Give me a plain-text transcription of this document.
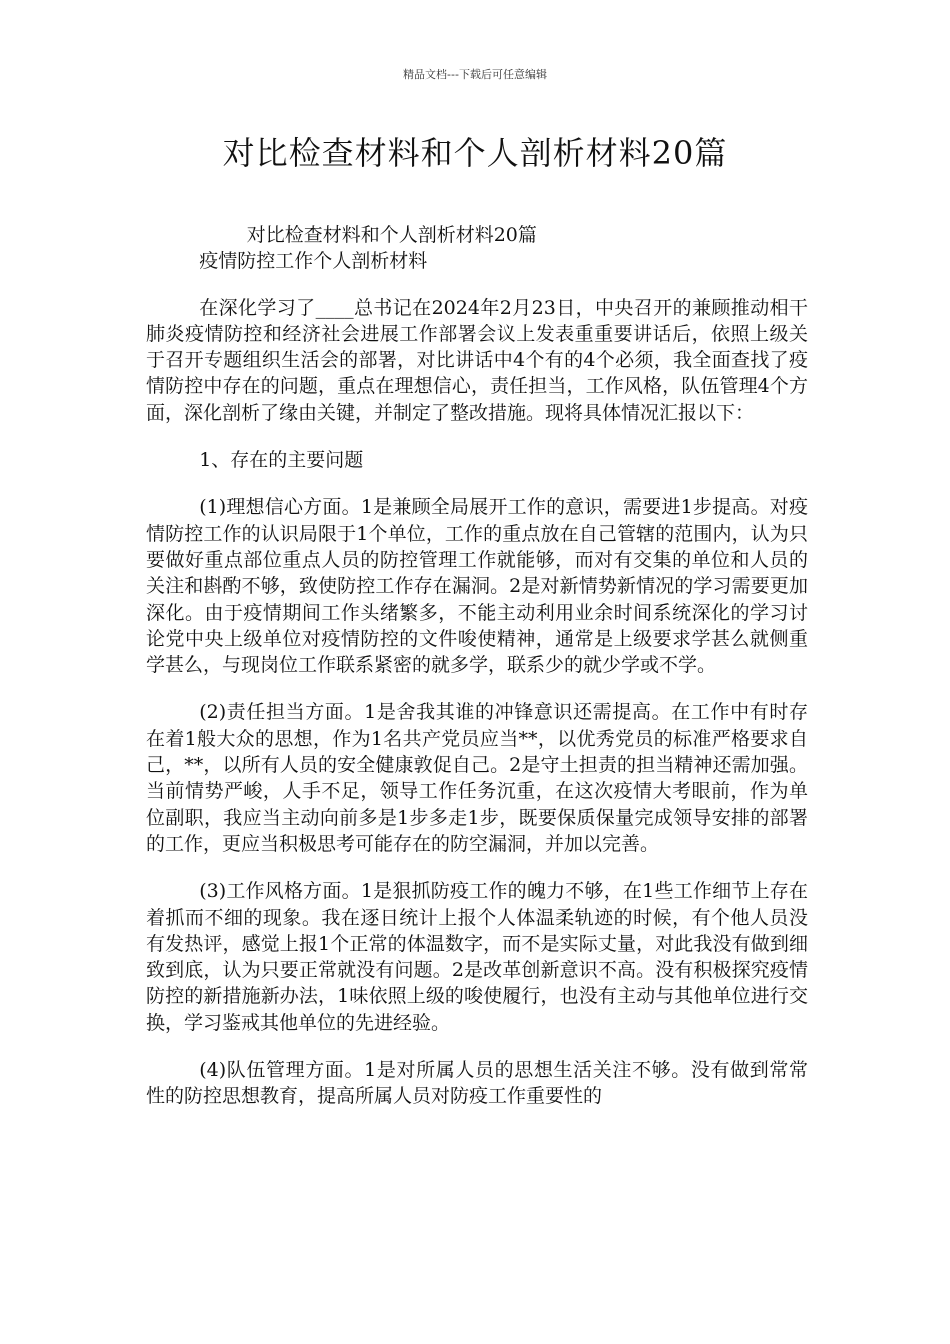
精品文档---下载后可任意编辑
对比检查材料和个人剖析材料20篇

对比检查材料和个人剖析材料20篇

疫情防控工作个人剖析材料

在深化学习了____总书记在2024年2月23日，中央召开的兼顾推动相干肺炎疫情防控和经济社会进展工作部署会议上发表重重要讲话后，依照上级关于召开专题组织生活会的部署，对比讲话中4个有的4个必须，我全面查找了疫情防控中存在的问题，重点在理想信心，责任担当，工作风格，队伍管理4个方面，深化剖析了缘由关键，并制定了整改措施。现将具体情况汇报以下：

1、存在的主要问题

(1)理想信心方面。1是兼顾全局展开工作的意识，需要进1步提高。对疫情防控工作的认识局限于1个单位，工作的重点放在自己管辖的范围内，认为只要做好重点部位重点人员的防控管理工作就能够，而对有交集的单位和人员的关注和斟酌不够，致使防控工作存在漏洞。2是对新情势新情况的学习需要更加深化。由于疫情期间工作头绪繁多，不能主动利用业余时间系统深化的学习讨论党中央上级单位对疫情防控的文件唆使精神，通常是上级要求学甚么就侧重学甚么，与现岗位工作联系紧密的就多学，联系少的就少学或不学。

(2)责任担当方面。1是舍我其谁的冲锋意识还需提高。在工作中有时存在着1般大众的思想，作为1名共产党员应当**，以优秀党员的标准严格要求自己，**，以所有人员的安全健康敦促自己。2是守土担责的担当精神还需加强。当前情势严峻，人手不足，领导工作任务沉重，在这次疫情大考眼前，作为单位副职，我应当主动向前多是1步多走1步，既要保质保量完成领导安排的部署的工作，更应当积极思考可能存在的防空漏洞，并加以完善。

(3)工作风格方面。1是狠抓防疫工作的魄力不够，在1些工作细节上存在着抓而不细的现象。我在逐日统计上报个人体温柔轨迹的时候，有个他人员没有发热评，感觉上报1个正常的体温数字，而不是实际丈量，对此我没有做到细致到底，认为只要正常就没有问题。2是改革创新意识不高。没有积极探究疫情防控的新措施新办法，1味依照上级的唆使履行，也没有主动与其他单位进行交换，学习鉴戒其他单位的先进经验。

(4)队伍管理方面。1是对所属人员的思想生活关注不够。没有做到常常性的防控思想教育，提高所属人员对防疫工作重要性的
